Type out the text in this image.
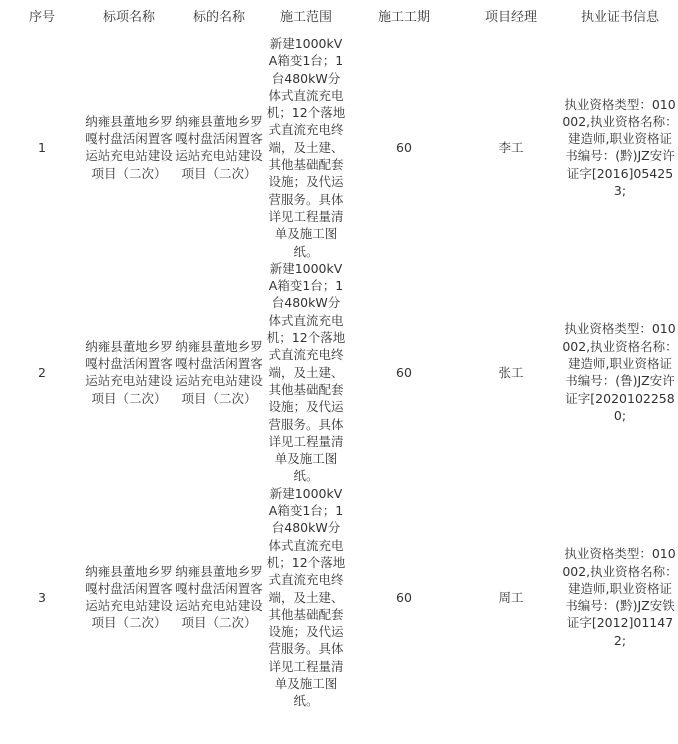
序号	标项名称	标的名称	施工范围	施工工期	项目经理	执业证书信息
1	纳雍县董地乡罗嘎村盘活闲置客运站充电站建设项目（二次）	纳雍县董地乡罗嘎村盘活闲置客运站充电站建设项目（二次）	新建1000kVA箱变1台；1台480kW分体式直流充电机；12个落地式直流充电终端，及土建、其他基础配套设施；及代运营服务。具体详见工程量清单及施工图纸。	60	李工	执业资格类型：010002,执业资格名称：建造师,职业资格证书编号：(黔)JZ安许证字[2016]054253;
2	纳雍县董地乡罗嘎村盘活闲置客运站充电站建设项目（二次）	纳雍县董地乡罗嘎村盘活闲置客运站充电站建设项目（二次）	新建1000kVA箱变1台；1台480kW分体式直流充电机；12个落地式直流充电终端，及土建、其他基础配套设施；及代运营服务。具体详见工程量清单及施工图纸。	60	张工	执业资格类型：010002,执业资格名称：建造师,职业资格证书编号：(鲁)JZ安许证字[20201022580;
3	纳雍县董地乡罗嘎村盘活闲置客运站充电站建设项目（二次）	纳雍县董地乡罗嘎村盘活闲置客运站充电站建设项目（二次）	新建1000kVA箱变1台；1台480kW分体式直流充电机；12个落地式直流充电终端，及土建、其他基础配套设施；及代运营服务。具体详见工程量清单及施工图纸。	60	周工	执业资格类型：010002,执业资格名称：建造师,职业资格证书编号：(黔)JZ安铁证字[2012]011472;
